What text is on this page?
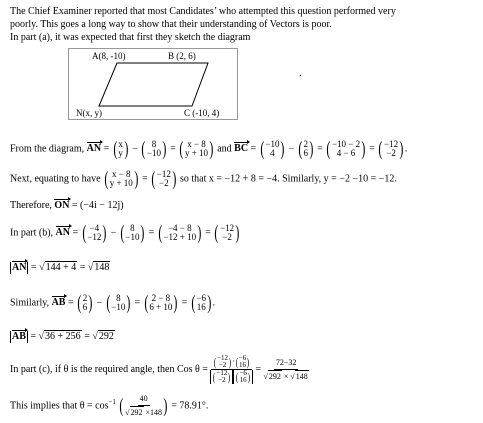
The Chief Examiner reported that most Candidates’ who attempted this question performed very
poorly. This goes a long way to show that their understanding of Vectors is poor.
In part (a), it was expected that first they sketch the diagram
A(8, -10)	B (2, 6)
N(x, y)	C (-10, 4)
.
From the diagram, AN = ( x
y ) − ( 8
−10 ) = ( x − 8
y + 10 ) and BC = ( −10
4 ) − ( 2
6 ) = ( −10 − 2
4 − 6 ) = ( −12
−2 ) .
Next, equating to have ( x − 8
y + 10 ) = ( −12
−2 ) so that x = −12 + 8 = −4. Similarly, y = −2 −10 = −12.
Therefore, ON = (−4i − 12j)
In part (b), AN = ( −4
−12 ) − ( 8
−10 ) = ( −4 − 8
−12 + 10 ) = ( −12
−2 )
AN = √144 + 4 = √148
Similarly, AB = ( 2
6 ) − ( 8
−10 ) = ( 2 − 8
6 + 10 ) = ( −6
16 ) .
AB = √36 + 256 = √292
In part (c), if θ is the required angle, then Cos θ = ( −12
−2 ) · ( −6
16 )
( −12
−2 ) ( −6
16 ) = $\frac{72-32}{√292 \times √148}$
This implies that $\theta = \cos^{-1}$ ( $\frac{40}{√292 \times 148}$ ) = 78.91°.
